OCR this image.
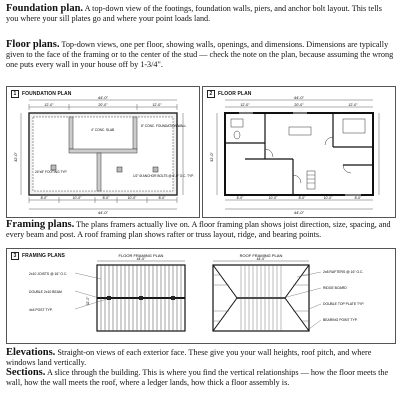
Foundation plan. A top-down view of the footings, foundation walls, piers, and anchor bolt layout. This tells you where your sill plates go and where your point loads land.
Floor plans. Top-down views, one per floor, showing walls, openings, and dimensions. Dimensions are typically given to the face of the framing or to the center of the stud — check the note on the plan, because assuming the wrong one puts every wall in your house off by 1-3/4".
1 FOUNDATION PLAN
44'-0"
12'-0"	20'-0"	12'-0"
4" CONC. SLAB
24"x8" FOOTING TYP.
8" CONC. FOUNDATION WALL
1/2" Ø ANCHOR BOLTS @ 6'-0" O.C. TYP.
32'-0"
8'-0"	10'-0"	8'-0"	10'-0"	8'-0"
44'-0"
2 FLOOR PLAN
44'-0"
12'-0"	20'-0"	12'-0"
32'-0"
8'-0"	10'-0"	8'-0"	10'-0"	8'-0"
44'-0"
Framing plans. The plans framers actually live on. A floor framing plan shows joist direction, size, spacing, and every beam and post. A roof framing plan shows rafter or truss layout, ridge, and bearing points.
3 FRAMING PLANS	FLOOR FRAMING PLAN
44'-0"
32'-0"
2x10 JOISTS @ 16" O.C.
DOUBLE 2x10 BEAM
4x4 POST TYP.
ROOF FRAMING PLAN
44'-0"
2x8 RAFTERS @ 16" O.C.
RIDGE BOARD
DOUBLE TOP PLATE TYP.
BEARING POINT TYP.
Elevations. Straight-on views of each exterior face. These give you your wall heights, roof pitch, and where windows land vertically.
Sections. A slice through the building. This is where you find the vertical relationships — how the floor meets the wall, how the wall meets the roof, where a ledger lands, how thick a floor assembly is.
